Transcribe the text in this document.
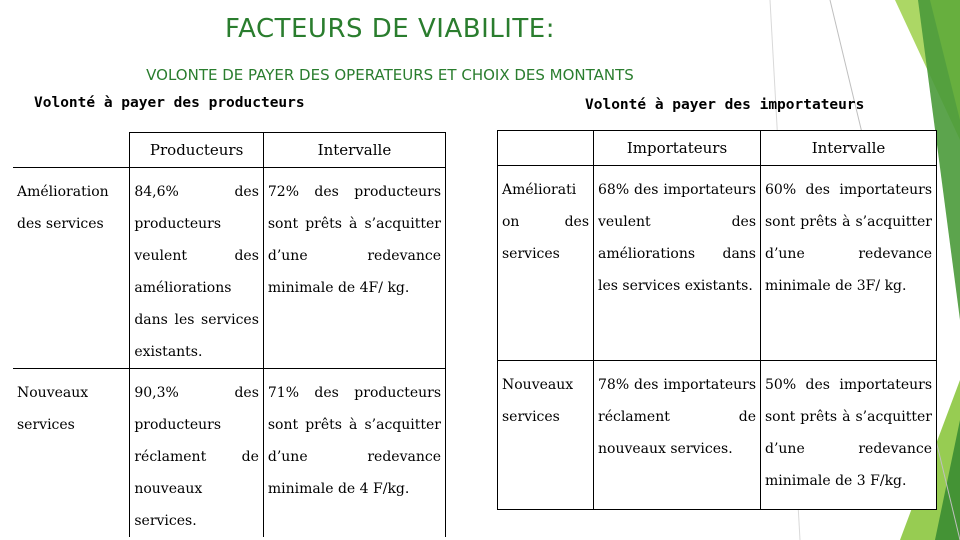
FACTEURS DE VIABILITE:
VOLONTE DE PAYER DES OPERATEURS ET CHOIX DES MONTANTS
Volonté à payer des producteurs	Volonté à payer des importateurs
	Producteurs	Intervalle
Amélioration des services	84,6% des producteurs veulent des améliorations dans les services existants.	72% des producteurs sont prêts à s’acquitter d’une redevance minimale de 4F/ kg.
Nouveaux services	90,3% des producteurs réclament de nouveaux services.	71% des producteurs sont prêts à s’acquitter d’une redevance minimale de 4 F/kg.
	Importateurs	Intervalle
Améliorati on des services	68% des importateurs veulent des améliorations dans les services existants.	60% des importateurs sont prêts à s’acquitter d’une redevance minimale de 3F/ kg.
Nouveaux services	78% des importateurs réclament de nouveaux services.	50% des importateurs sont prêts à s’acquitter d’une redevance minimale de 3 F/kg.
